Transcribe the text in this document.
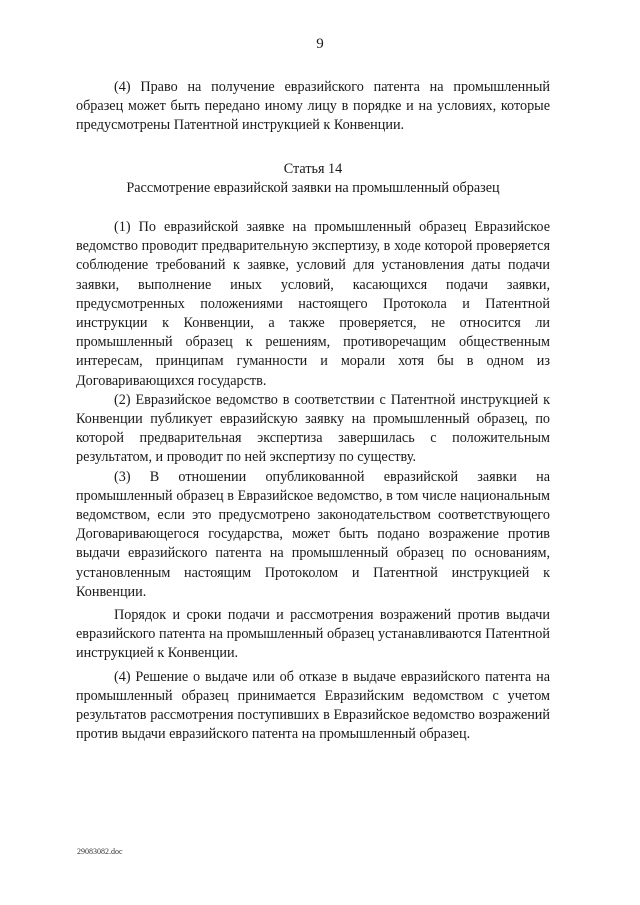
9

(4) Право на получение евразийского патента на промышленный образец может быть передано иному лицу в порядке и на условиях, которые предусмотрены Патентной инструкцией к Конвенции.

Статья 14

Рассмотрение евразийской заявки на промышленный образец

(1) По евразийской заявке на промышленный образец Евразийское ведомство проводит предварительную экспертизу, в ходе которой проверяется соблюдение требований к заявке, условий для установления даты подачи заявки, выполнение иных условий, касающихся подачи заявки, предусмотренных положениями настоящего Протокола и Патентной инструкции к Конвенции, а также проверяется, не относится ли промышленный образец к решениям, противоречащим общественным интересам, принципам гуманности и морали хотя бы в одном из Договаривающихся государств.

(2) Евразийское ведомство в соответствии с Патентной инструкцией к Конвенции публикует евразийскую заявку на промышленный образец, по которой предварительная экспертиза завершилась с положительным результатом, и проводит по ней экспертизу по существу.

(3) В отношении опубликованной евразийской заявки на промышленный образец в Евразийское ведомство, в том числе национальным ведомством, если это предусмотрено законодательством соответствующего Договаривающегося государства, может быть подано возражение против выдачи евразийского патента на промышленный образец по основаниям, установленным настоящим Протоколом и Патентной инструкцией к Конвенции.

Порядок и сроки подачи и рассмотрения возражений против выдачи евразийского патента на промышленный образец устанавливаются Патентной инструкцией к Конвенции.

(4) Решение о выдаче или об отказе в выдаче евразийского патента на промышленный образец принимается Евразийским ведомством с учетом результатов рассмотрения поступивших в Евразийское ведомство возражений против выдачи евразийского патента на промышленный образец.

29083082.doc
